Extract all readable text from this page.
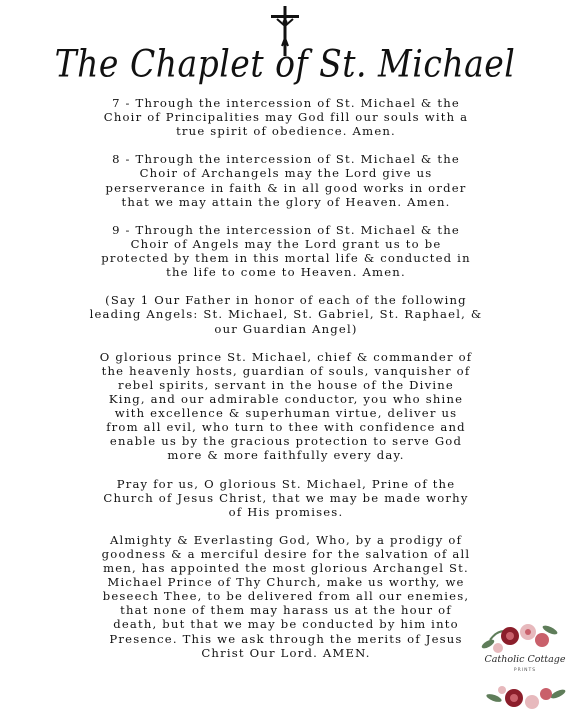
The Chaplet of St. Michael
7 - Through the intercession of St. Michael & the
Choir of Principalities may God fill our souls with a
true spirit of obedience. Amen.
8 - Through the intercession of St. Michael & the
Choir of Archangels may the Lord give us
perserverance in faith & in all good works in order
that we may attain the glory of Heaven. Amen.
9 - Through the intercession of St. Michael & the
Choir of Angels may the Lord grant us to be
protected by them in this mortal life & conducted in
the life to come to Heaven. Amen.
(Say 1 Our Father in honor of each of the following
leading Angels: St. Michael, St. Gabriel, St. Raphael, &
our Guardian Angel)
O glorious prince St. Michael, chief & commander of
the heavenly hosts, guardian of souls, vanquisher of
rebel spirits, servant in the house of the Divine
King, and our admirable conductor, you who shine
with excellence & superhuman virtue, deliver us
from all evil, who turn to thee with confidence and
enable us by the gracious protection to serve God
more & more faithfully every day.
Pray for us, O glorious St. Michael, Prine of the
Church of Jesus Christ, that we may be made worhy
of His promises.
Almighty & Everlasting God, Who, by a prodigy of
goodness & a merciful desire for the salvation of all
men, has appointed the most glorious Archangel St.
Michael Prince of Thy Church, make us worthy, we
beseech Thee, to be delivered from all our enemies,
that none of them may harass us at the hour of
death, but that we may be conducted by him into
Presence. This we ask through the merits of Jesus
Christ Our Lord. AMEN.	Catholic Cottage
PRINTS
